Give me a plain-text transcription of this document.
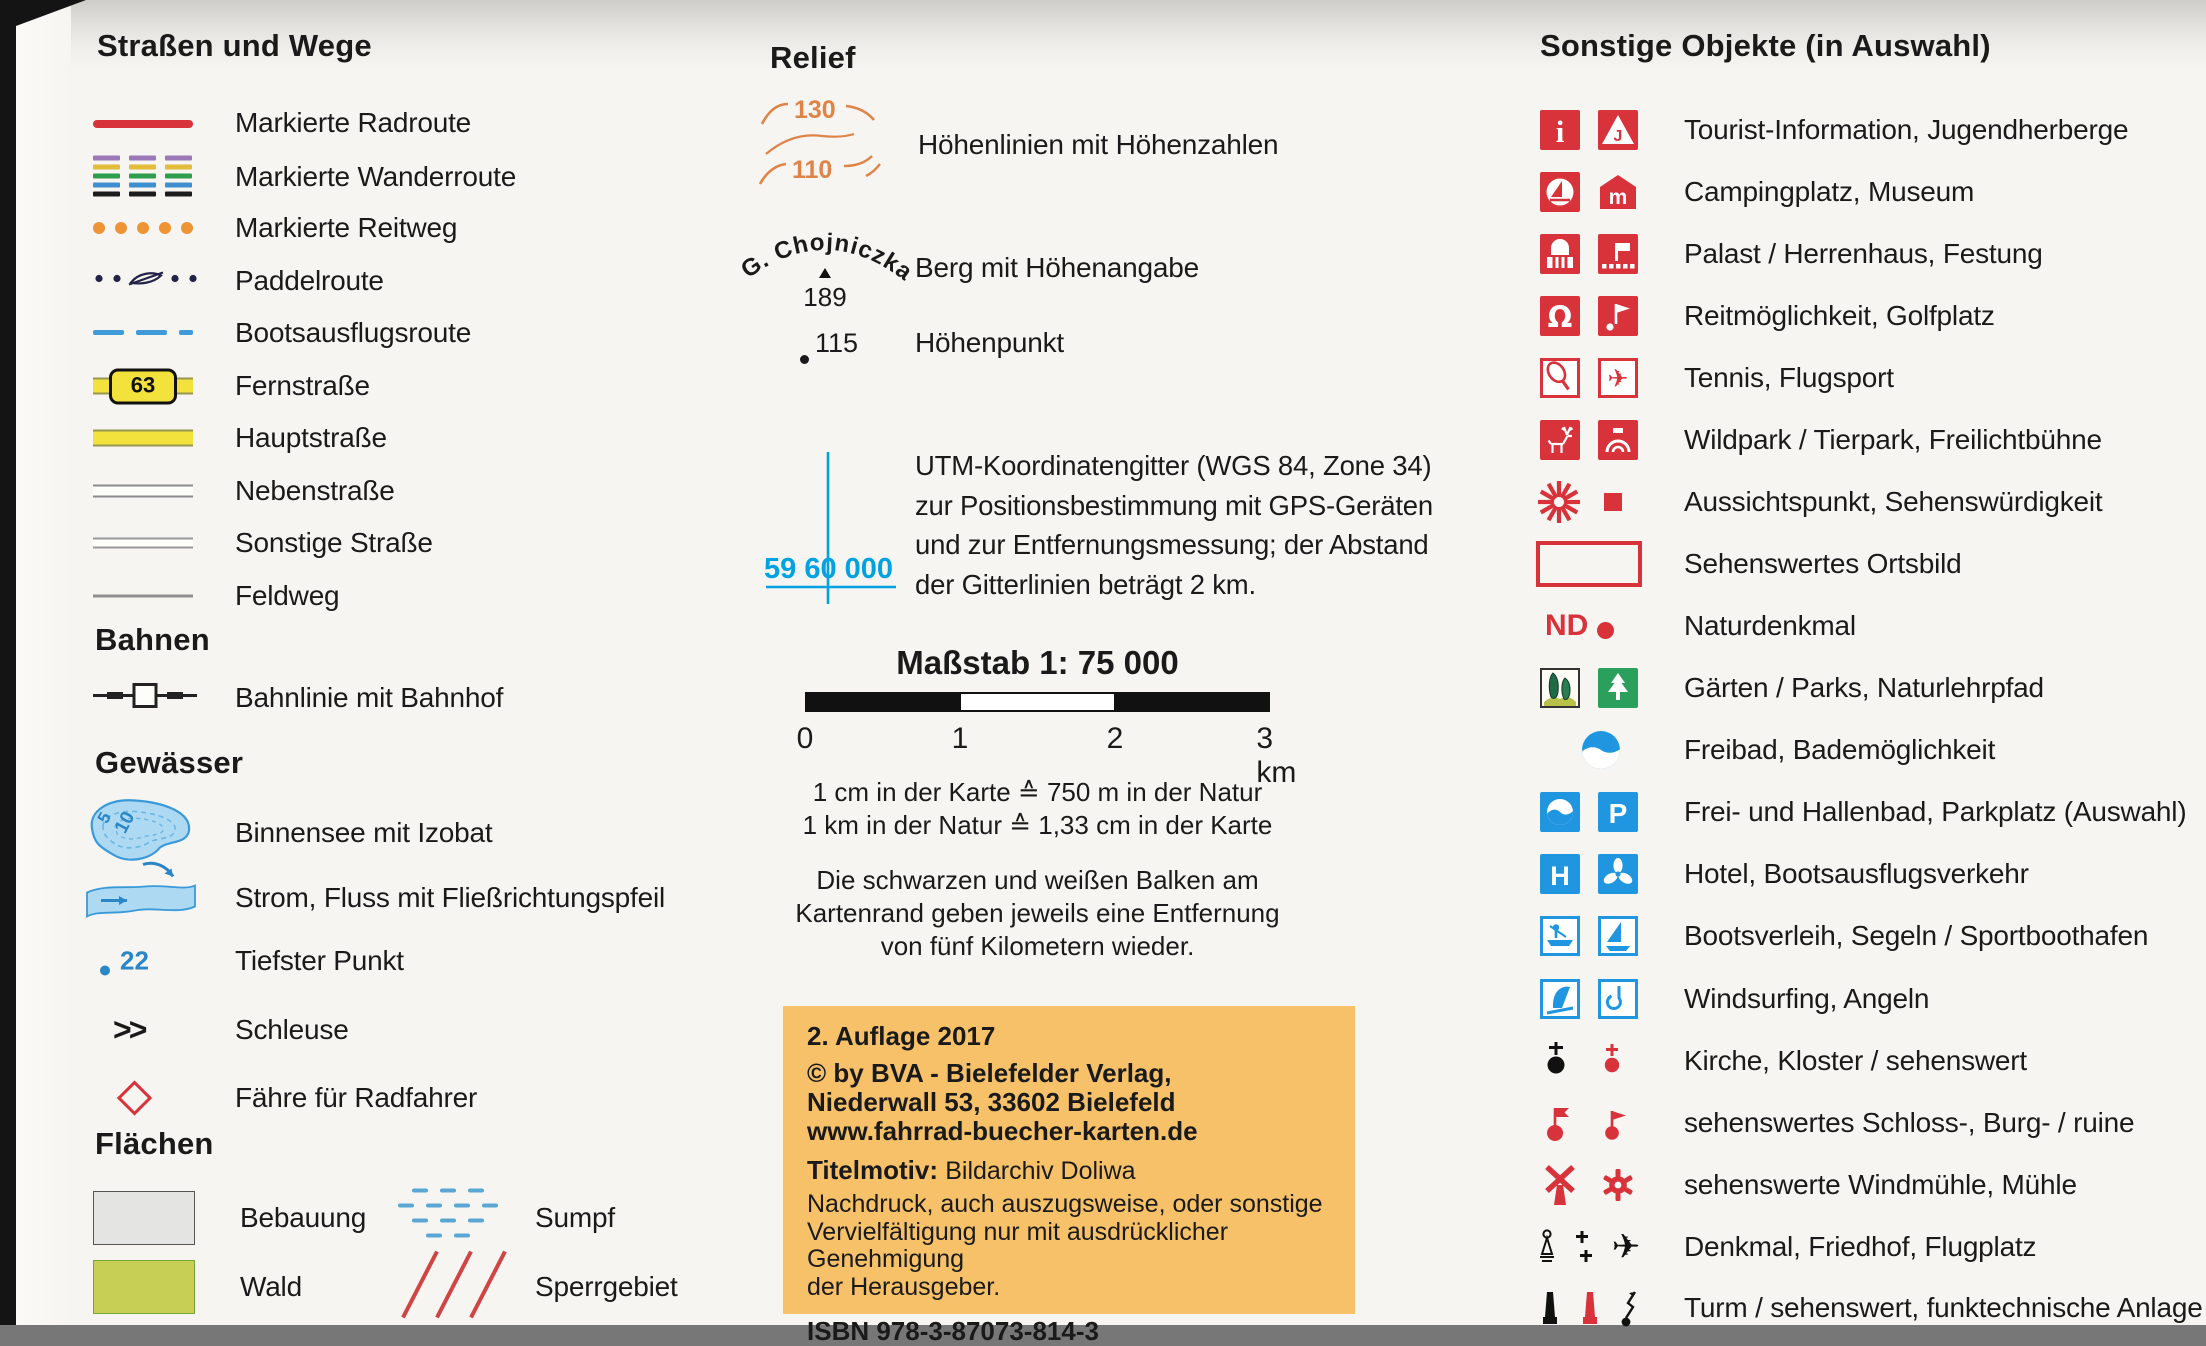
Straßen und Wege
Markierte Radroute
Markierte Wanderroute
Markierte Reitweg
Paddelroute
Bootsausflugsroute
63	Fernstraße
Hauptstraße
Nebenstraße
Sonstige Straße
Feldweg
Bahnen
Bahnlinie mit Bahnhof
Gewässer
5
10	Binnensee mit Izobat
Strom, Fluss mit Fließrichtungspfeil
22	Tiefster Punkt
>>	Schleuse
Fähre für Radfahrer
Flächen
Bebauung	Sumpf
Wald	Sperrgebiet
Relief
130
110
Höhenlinien mit Höhenzahlen
G. Chojniczka
189
Berg mit Höhenangabe
115 Höhenpunkt
59 60 000
UTM-Koordinatengitter (WGS 84, Zone 34)
zur Positionsbestimmung mit GPS-Geräten
und zur Entfernungsmessung; der Abstand
der Gitterlinien beträgt 2 km.
Maßstab 1: 75 000
0	1	2	3 km
1 cm in der Karte ≙ 750 m in der Natur
1 km in der Natur ≙ 1,33 cm in der Karte
Die schwarzen und weißen Balken am
Kartenrand geben jeweils eine Entfernung
von fünf Kilometern wieder.
2. Auflage 2017
© by BVA - Bielefelder Verlag,
Niederwall 53, 33602 Bielefeld
www.fahrrad-buecher-karten.de
Titelmotiv: Bildarchiv Doliwa
Nachdruck, auch auszugsweise, oder sonstige
Vervielfältigung nur mit ausdrücklicher Genehmigung
der Herausgeber.
ISBN 978-3-87073-814-3
Sonstige Objekte (in Auswahl)
i	J Tourist-Information, Jugendherberge
m Campingplatz, Museum
Palast / Herrenhaus, Festung
Ω	Reitmöglichkeit, Golfplatz
✈ Tennis, Flugsport
Wildpark / Tierpark, Freilichtbühne
Aussichtspunkt, Sehenswürdigkeit
Sehenswertes Ortsbild
ND	Naturdenkmal
Gärten / Parks, Naturlehrpfad
Freibad, Bademöglichkeit
P Frei- und Hallenbad, Parkplatz (Auswahl)
H	Hotel, Bootsausflugsverkehr
Bootsverleih, Segeln / Sportboothafen
Windsurfing, Angeln
Kirche, Kloster / sehenswert
sehenswertes Schloss-, Burg- / ruine
sehenswerte Windmühle, Mühle
✈ Denkmal, Friedhof, Flugplatz
Turm / sehenswert, funktechnische Anlage
